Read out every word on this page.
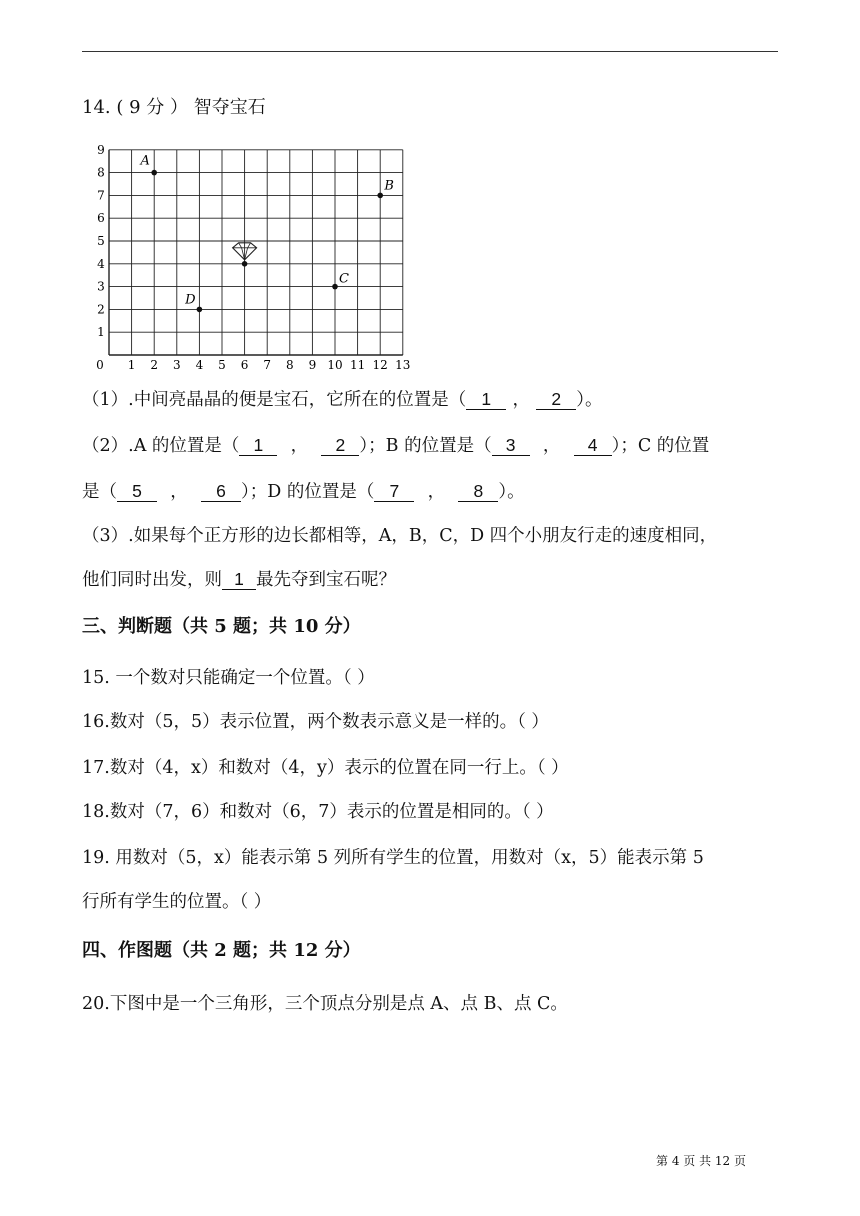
14. ( 9 分 ） 智夺宝石
0 1 2 3 4 5 6 7 8 9 10 11 12 13
1
2
3
4
5
6
7
8
9
A
B
C
D
（1）.中间亮晶晶的便是宝石，它所在的位置是（ 1 ， 2 ）。
（2）.A 的位置是（ 1 ， 2 ）；B 的位置是（ 3 ， 4 ）；C 的位置
是（ 5 ， 6 ）；D 的位置是（ 7 ， 8 ）。
（3）.如果每个正方形的边长都相等，A，B，C，D 四个小朋友行走的速度相同，
他们同时出发，则 1 最先夺到宝石呢？
三、判断题（共 5 题；共 10 分）
15. 一个数对只能确定一个位置。（ ）
16.数对（5，5）表示位置，两个数表示意义是一样的。（ ）
17.数对（4，x）和数对（4，y）表示的位置在同一行上。（ ）
18.数对（7，6）和数对（6，7）表示的位置是相同的。（ ）
19. 用数对（5，x）能表示第 5 列所有学生的位置，用数对（x，5）能表示第 5
行所有学生的位置。（ ）
四、作图题（共 2 题；共 12 分）
20.下图中是一个三角形，三个顶点分别是点 A、点 B、点 C。
第 4 页 共 12 页
